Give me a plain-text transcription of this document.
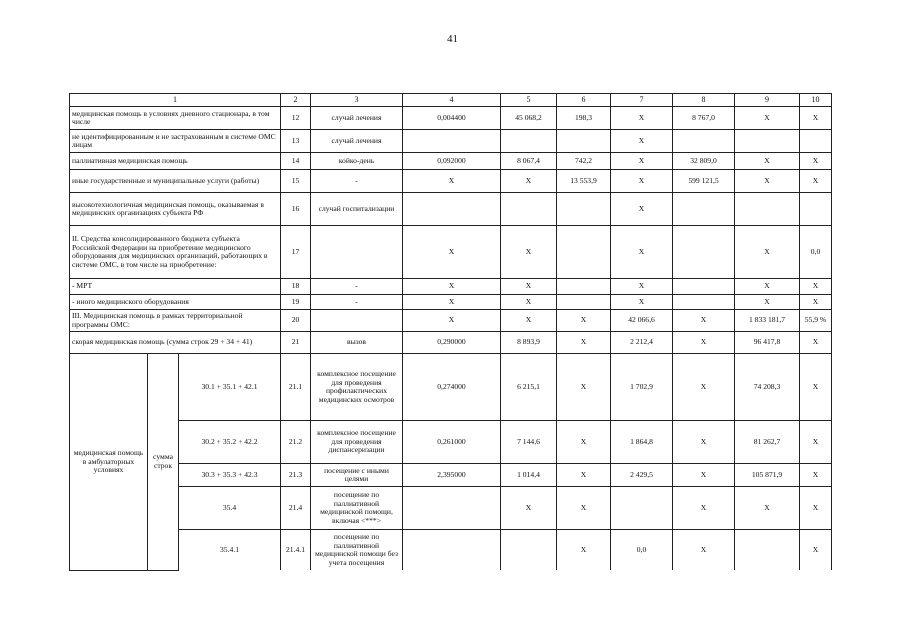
41
1			2	3	4	5	6	7	8	9	10
медицинская помощь в условиях дневного стационара, в том числе			12	случай лечения	0,004400	45 068,2	198,3	X	8 767,0	X	X
не идентифицированным и не застрахованным в системе ОМС лицам			13	случай лечения				X			
паллиативная медицинская помощь			14	койко-день	0,092000	8 067,4	742,2	X	32 809,0	X	X
иные государственные и муниципальные услуги (работы)			15	-	X	X	13 553,9	X	599 121,5	X	X
высокотехнологичная медицинская помощь, оказываемая в медицинских организациях субъекта РФ			16	случай госпитализации				X			
II. Средства консолидированного бюджета субъекта Российской Федерации на приобретение медицинского оборудования для медицинских организаций, работающих в системе ОМС, в том числе на приобретение:			17		X	X		X		X	0,0
- МРТ			18	-	X	X		X		X	X
- иного медицинского оборудования			19	-	X	X		X		X	X
III. Медицинская помощь в рамках территориальной программы ОМС:			20		X	X	X	42 066,6	X	1 833 181,7	55,9 %
скорая медицинская помощь (сумма строк 29 + 34 + 41)			21	вызов	0,290000	8 893,9	X	2 212,4	X	96 417,8	X
медицинская помощь в амбулаторных условиях	сумма строк	30.1 + 35.1 + 42.1	21.1	комплексное посещение для проведения профилактических медицинских осмотров	0,274000	6 215,1	X	1 702,9	X	74 208,3	X
		30.2 + 35.2 + 42.2	21.2	комплексное посещение для проведения диспансеризации	0,261000	7 144,6	X	1 864,8	X	81 262,7	X
		30.3 + 35.3 + 42.3	21.3	посещение с иными целями	2,395000	1 014,4	X	2 429,5	X	105 871,9	X
		35.4	21.4	посещение по паллиативной медицинской помощи, включая <***>		X	X		X	X	X
		35.4.1	21.4.1	посещение по паллиативной медицинской помощи без учета посещения			X	0,0	X		X
